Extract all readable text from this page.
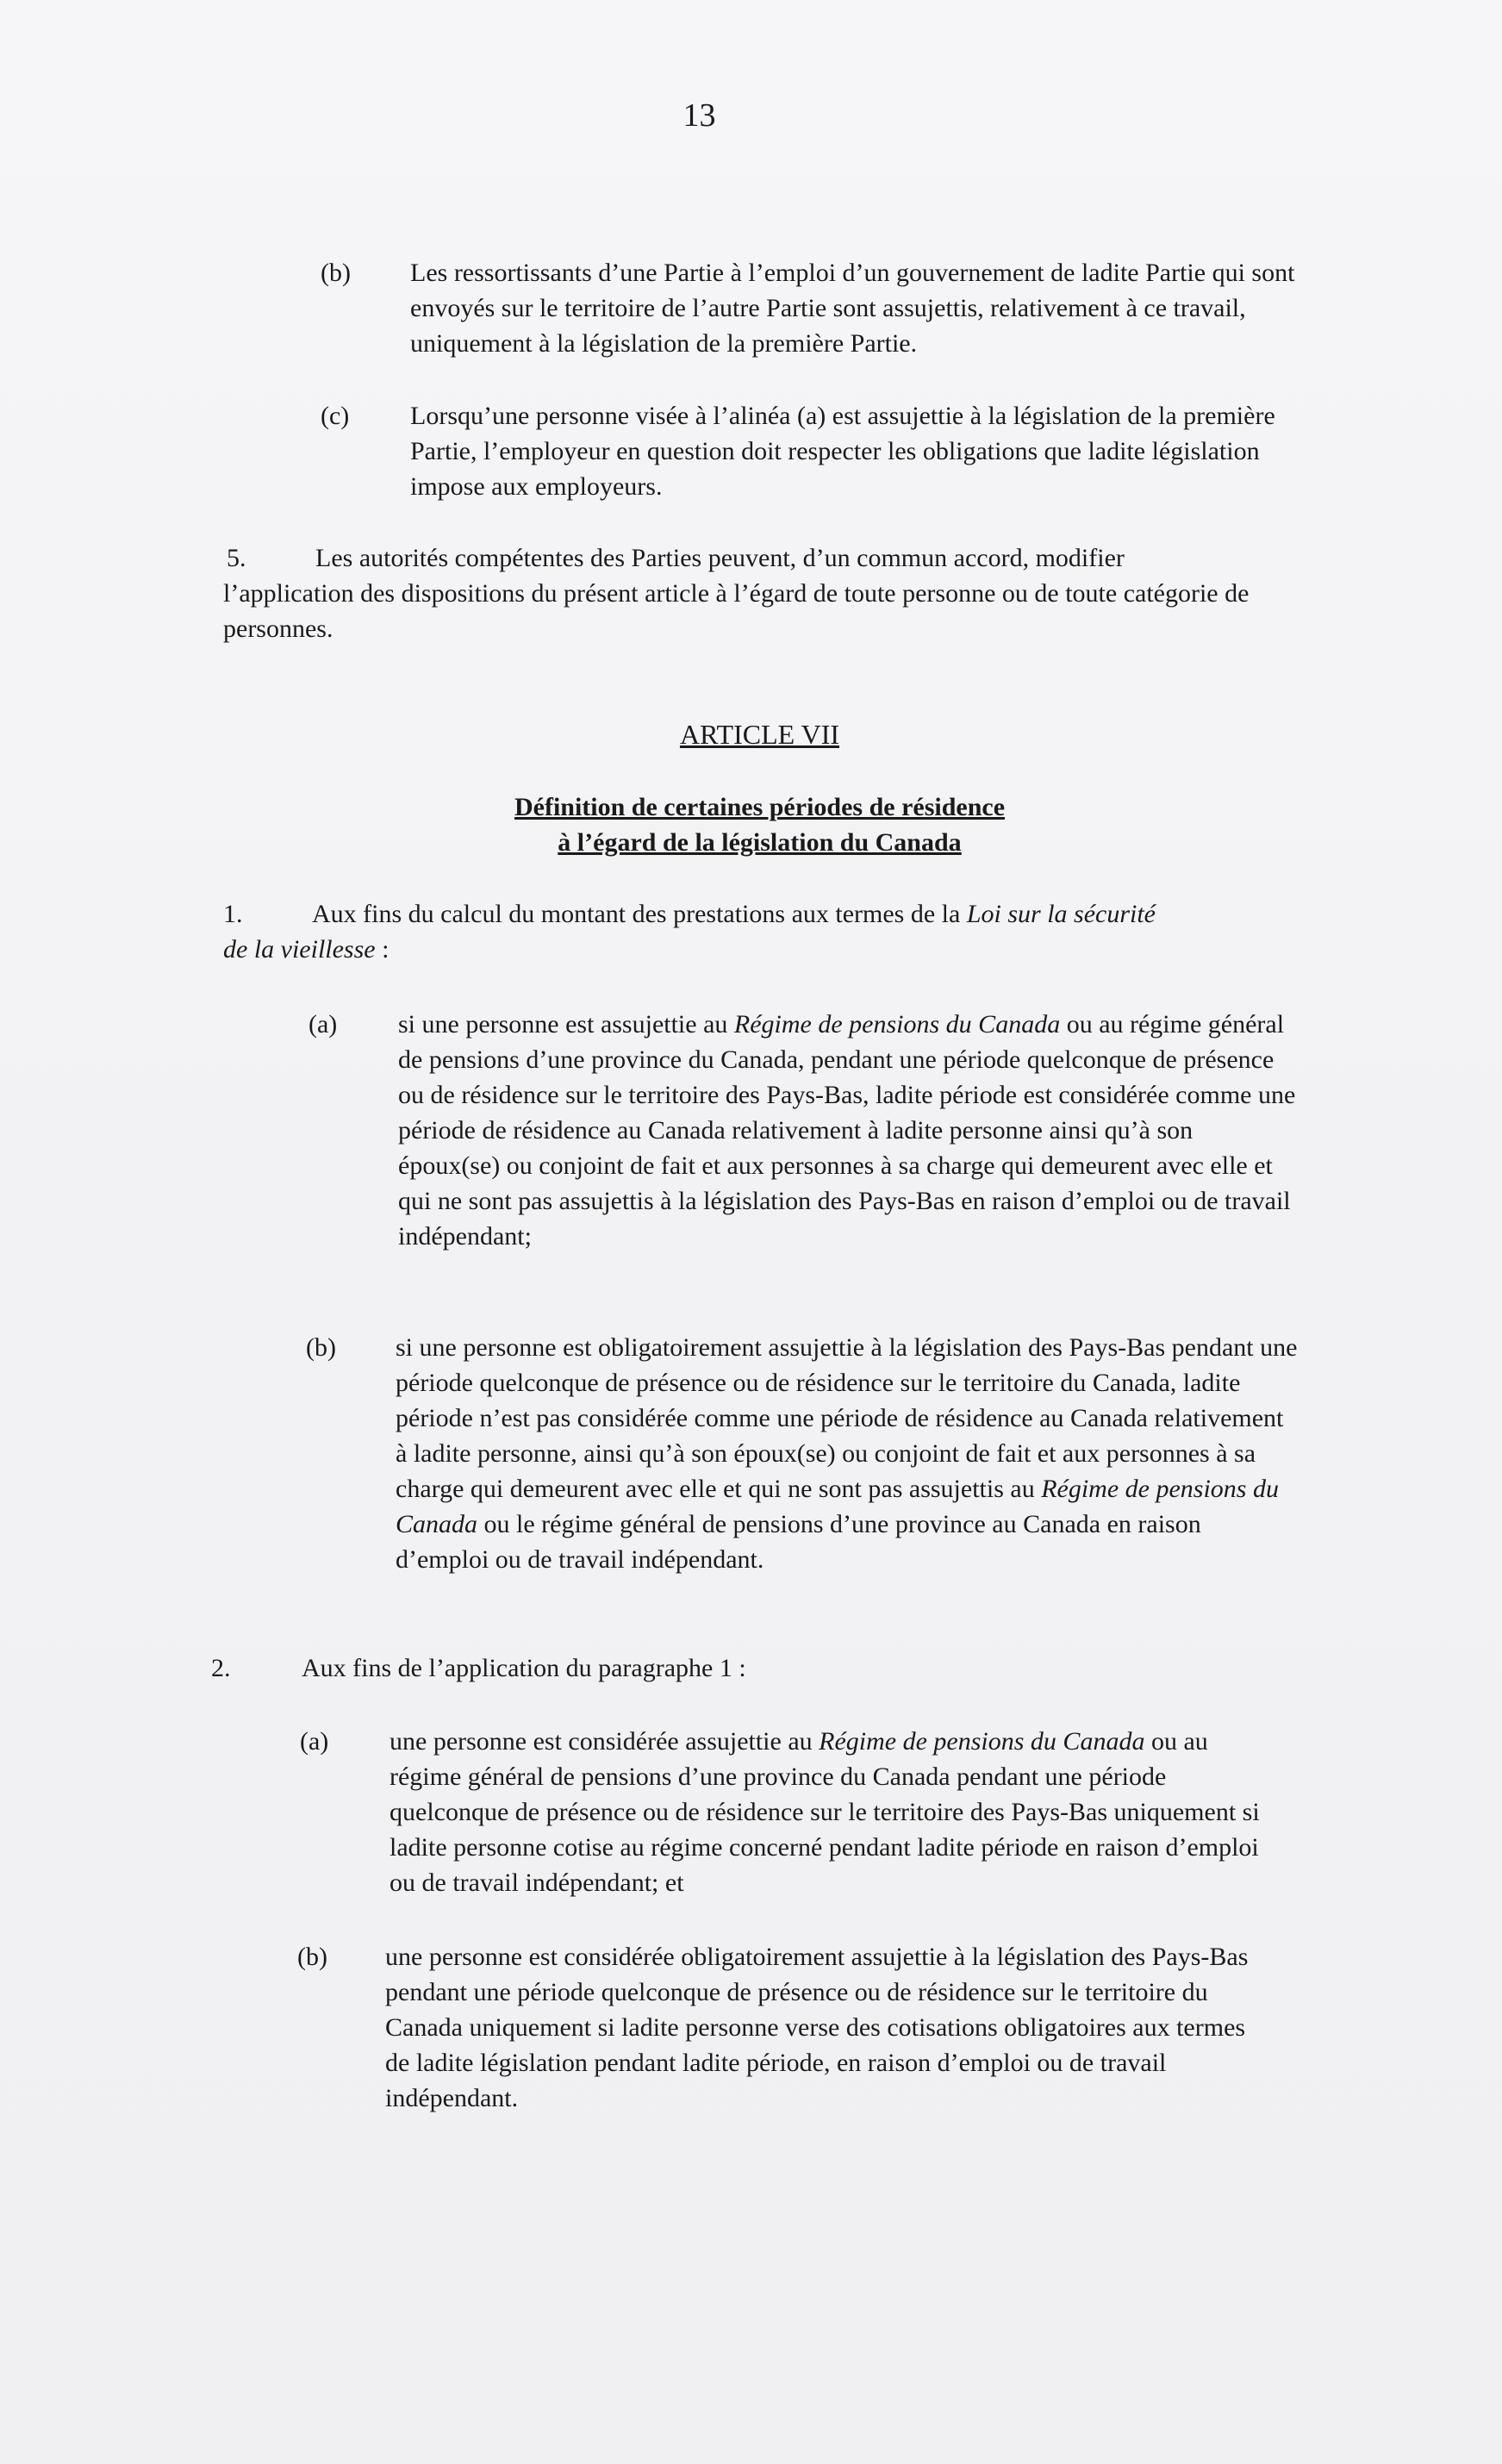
13
(b) Les ressortissants d’une Partie à l’emploi d’un gouvernement de ladite Partie qui sont envoyés sur le territoire de l’autre Partie sont assujettis, relativement à ce travail, uniquement à la législation de la première Partie.
(c) Lorsqu’une personne visée à l’alinéa (a) est assujettie à la législation de la première Partie, l’employeur en question doit respecter les obligations que ladite législation impose aux employeurs.
5.	Les autorités compétentes des Parties peuvent, d’un commun accord, modifier
l’application des dispositions du présent article à l’égard de toute personne ou de toute catégorie de personnes.
ARTICLE VII
Définition de certaines périodes de résidence
à l’égard de la législation du Canada
1.	Aux fins du calcul du montant des prestations aux termes de la Loi sur la sécurité
de la vieillesse :
(a) si une personne est assujettie au Régime de pensions du Canada ou au régime général de pensions d’une province du Canada, pendant une période quelconque de présence ou de résidence sur le territoire des Pays-Bas, ladite période est considérée comme une période de résidence au Canada relativement à ladite personne ainsi qu’à son époux(se) ou conjoint de fait et aux personnes à sa charge qui demeurent avec elle et qui ne sont pas assujettis à la législation des Pays-Bas en raison d’emploi ou de travail indépendant;
(b) si une personne est obligatoirement assujettie à la législation des Pays-Bas pendant une période quelconque de présence ou de résidence sur le territoire du Canada, ladite période n’est pas considérée comme une période de résidence au Canada relativement à ladite personne, ainsi qu’à son époux(se) ou conjoint de fait et aux personnes à sa charge qui demeurent avec elle et qui ne sont pas assujettis au Régime de pensions du Canada ou le régime général de pensions d’une province au Canada en raison d’emploi ou de travail indépendant.
2.	Aux fins de l’application du paragraphe 1 :
(a) une personne est considérée assujettie au Régime de pensions du Canada ou au régime général de pensions d’une province du Canada pendant une période quelconque de présence ou de résidence sur le territoire des Pays-Bas uniquement si ladite personne cotise au régime concerné pendant ladite période en raison d’emploi ou de travail indépendant; et
(b) une personne est considérée obligatoirement assujettie à la législation des Pays-Bas pendant une période quelconque de présence ou de résidence sur le territoire du Canada uniquement si ladite personne verse des cotisations obligatoires aux termes de ladite législation pendant ladite période, en raison d’emploi ou de travail indépendant.
